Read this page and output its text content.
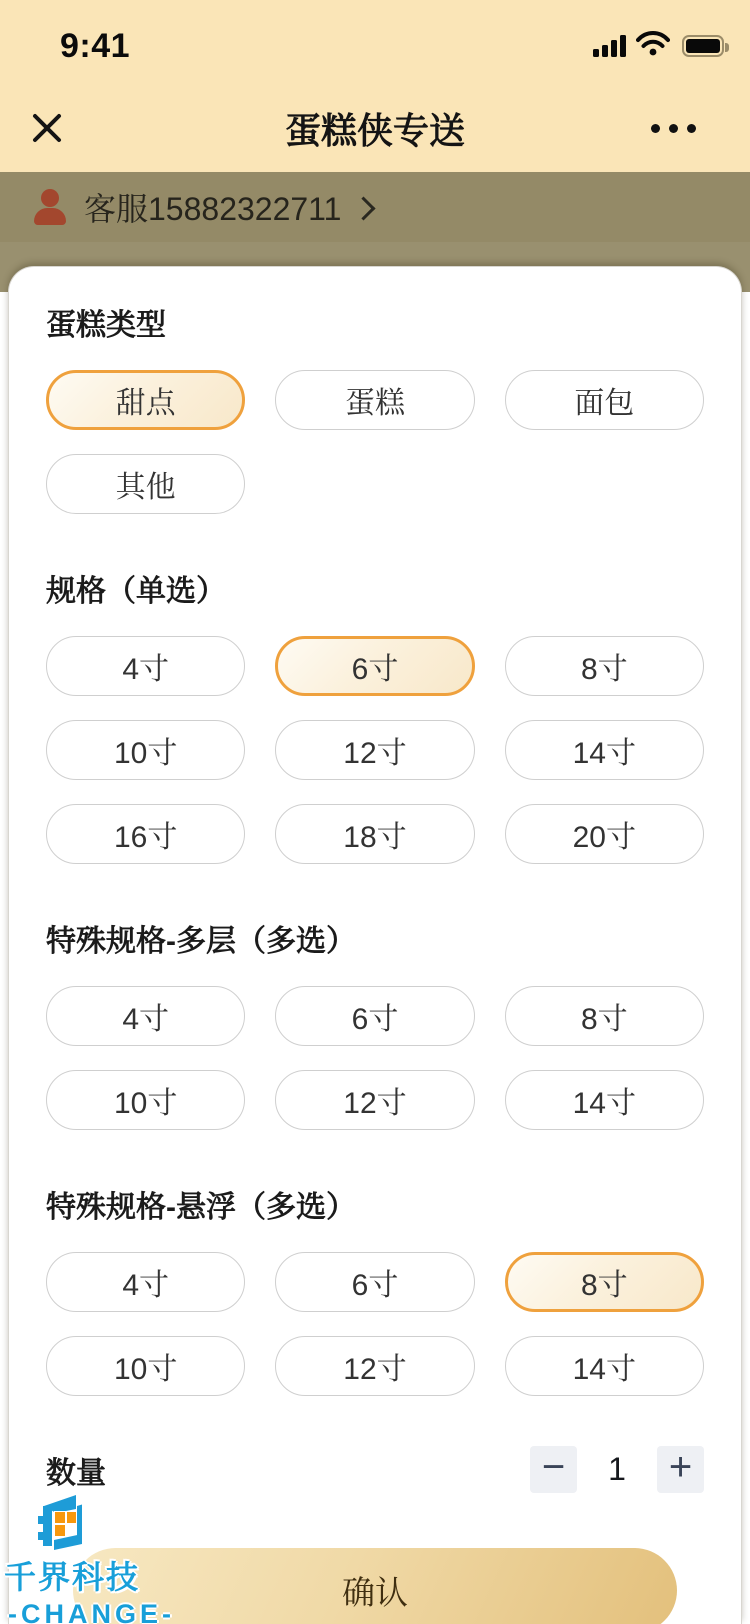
9:41
蛋糕侠专送
客服15882322711
蛋糕类型
甜点	蛋糕	面包
其他
规格（单选）
4寸	6寸	8寸
10寸	12寸	14寸
16寸	18寸	20寸
特殊规格-多层（多选）
4寸	6寸	8寸
10寸	12寸	14寸
特殊规格-悬浮（多选）
4寸	6寸	8寸
10寸	12寸	14寸
数量	−	1	+
确认
千界科技
-CHANGE-
